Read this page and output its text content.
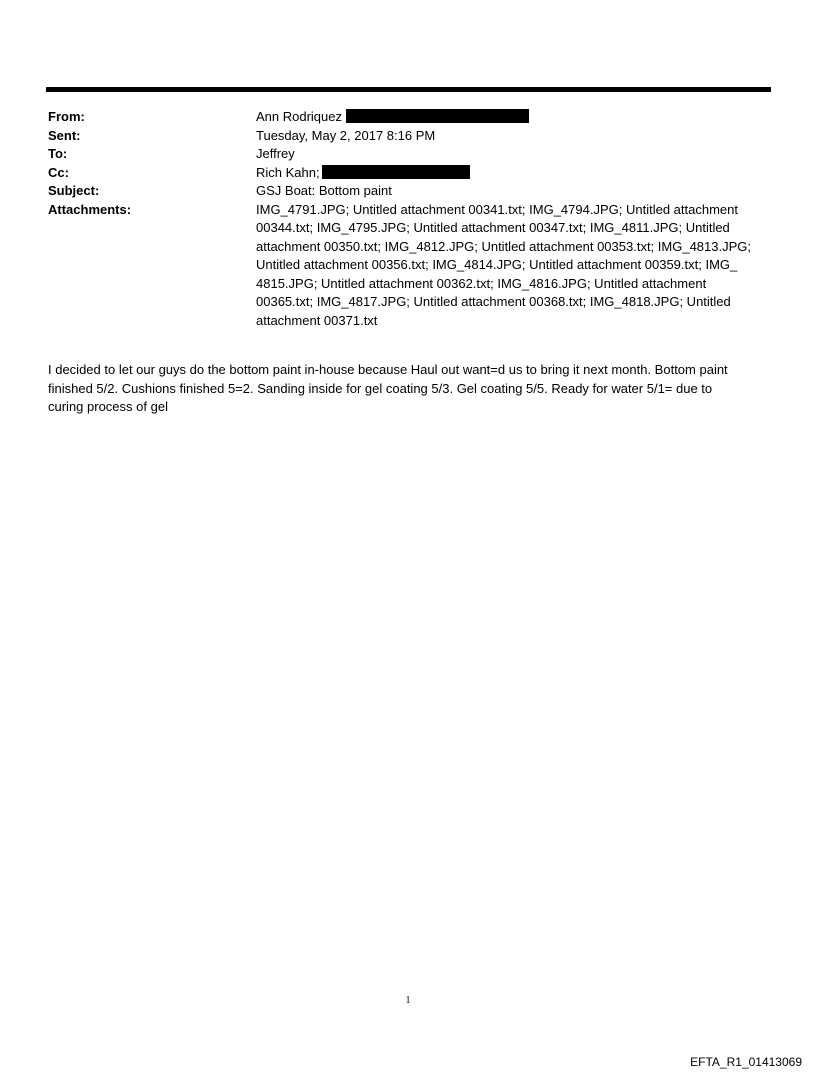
From:	Ann Rodriquez
Sent:	Tuesday, May 2, 2017 8:16 PM
To:	Jeffrey
Cc:	Rich Kahn;
Subject:	GSJ Boat: Bottom paint
Attachments:	IMG_4791.JPG; Untitled attachment 00341.txt; IMG_4794.JPG; Untitled attachment
00344.txt; IMG_4795.JPG; Untitled attachment 00347.txt; IMG_4811.JPG; Untitled
attachment 00350.txt; IMG_4812.JPG; Untitled attachment 00353.txt; IMG_4813.JPG;
Untitled attachment 00356.txt; IMG_4814.JPG; Untitled attachment 00359.txt; IMG_
4815.JPG; Untitled attachment 00362.txt; IMG_4816.JPG; Untitled attachment
00365.txt; IMG_4817.JPG; Untitled attachment 00368.txt; IMG_4818.JPG; Untitled
attachment 00371.txt
I decided to let our guys do the bottom paint in-house because Haul out want=d us to bring it next month. Bottom paint
finished 5/2. Cushions finished 5=2. Sanding inside for gel coating 5/3. Gel coating 5/5. Ready for water 5/1= due to
curing process of gel
1
EFTA_R1_01413069
